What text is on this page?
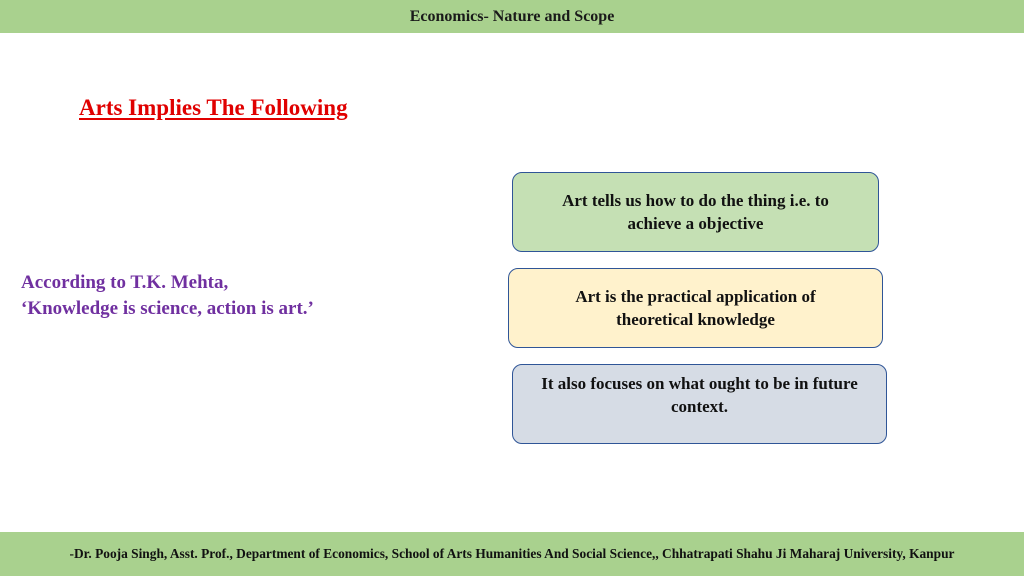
Economics- Nature and Scope
Arts Implies The Following
According to T.K. Mehta,
‘Knowledge is science, action is art.’
Art tells us how to do the thing i.e. to achieve a objective
Art is the practical application of theoretical knowledge
It also focuses on what ought to be in future context.
-Dr. Pooja Singh, Asst. Prof., Department of Economics, School of Arts Humanities And Social Science,, Chhatrapati Shahu Ji Maharaj University, Kanpur
